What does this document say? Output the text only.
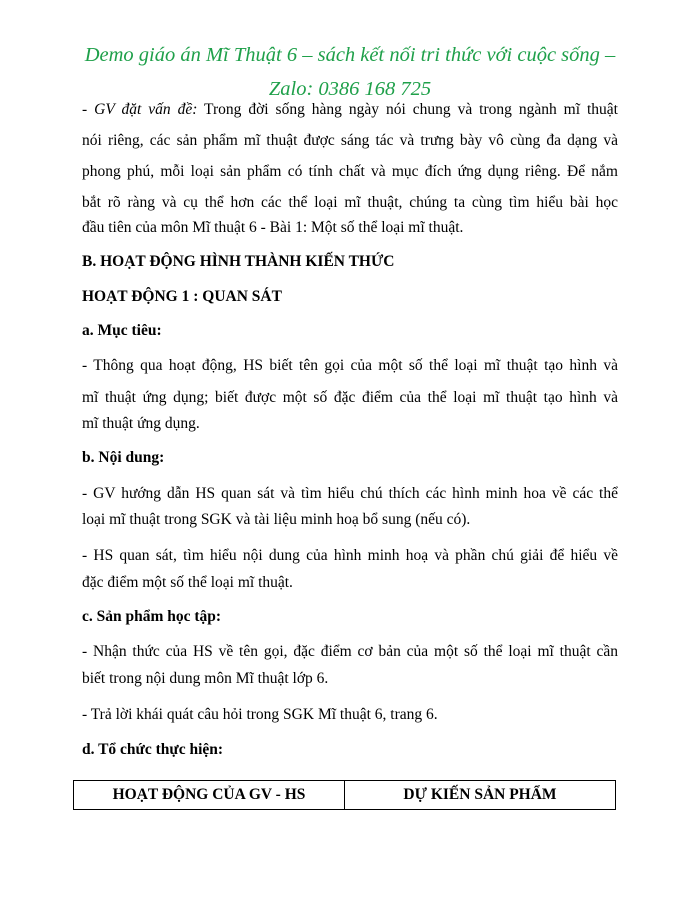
Demo giáo án Mĩ Thuật 6 – sách kết nối tri thức với cuộc sống –
Zalo: 0386 168 725
- GV đặt vấn đề: Trong đời sống hàng ngày nói chung và trong ngành mĩ thuật
nói riêng, các sản phẩm mĩ thuật được sáng tác và trưng bày vô cùng đa dạng và
phong phú, mỗi loại sản phẩm có tính chất và mục đích ứng dụng riêng. Để nắm
bắt rõ ràng và cụ thể hơn các thể loại mĩ thuật, chúng ta cùng tìm hiểu bài học
đầu tiên của môn Mĩ thuật 6 - Bài 1: Một số thể loại mĩ thuật.
B. HOẠT ĐỘNG HÌNH THÀNH KIẾN THỨC
HOẠT ĐỘNG 1 : QUAN SÁT
a. Mục tiêu:
- Thông qua hoạt động, HS biết tên gọi của một số thể loại mĩ thuật tạo hình và
mĩ thuật ứng dụng; biết được một số đặc điểm của thể loại mĩ thuật tạo hình và
mĩ thuật ứng dụng.
b. Nội dung:
- GV hướng dẫn HS quan sát và tìm hiểu chú thích các hình minh hoa về các thể
loại mĩ thuật trong SGK và tài liệu minh hoạ bổ sung (nếu có).
- HS quan sát, tìm hiểu nội dung của hình minh hoạ và phần chú giải để hiểu về
đặc điểm một số thể loại mĩ thuật.
c. Sản phẩm học tập:
- Nhận thức của HS về tên gọi, đặc điểm cơ bản của một số thể loại mĩ thuật cần
biết trong nội dung môn Mĩ thuật lớp 6.
- Trả lời khái quát câu hỏi trong SGK Mĩ thuật 6, trang 6.
d. Tổ chức thực hiện:
HOẠT ĐỘNG CỦA GV - HS	DỰ KIẾN SẢN PHẨM
